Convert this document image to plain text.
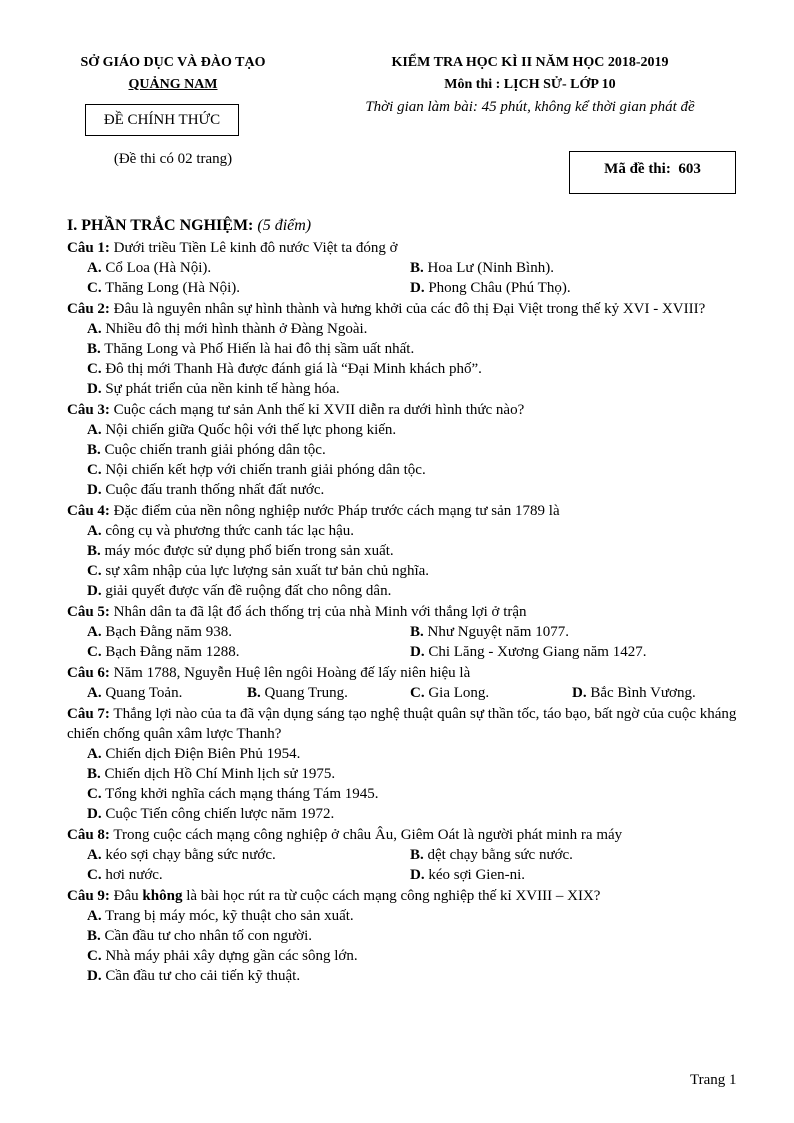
SỞ GIÁO DỤC VÀ ĐÀO TẠO
QUẢNG NAM
ĐỀ CHÍNH THỨC
(Đề thi có 02 trang)
KIỂM TRA HỌC KÌ II NĂM HỌC 2018-2019
Môn thi : LỊCH SỬ- LỚP 10
Thời gian làm bài: 45 phút, không kể thời gian phát đề
Mã đề thi: 603
I. PHẦN TRẮC NGHIỆM: (5 điểm)
Câu 1: Dưới triều Tiền Lê kinh đô nước Việt ta đóng ở
A. Cổ Loa (Hà Nội).	B. Hoa Lư (Ninh Bình).
C. Thăng Long (Hà Nội).	D. Phong Châu (Phú Thọ).
Câu 2: Đâu là nguyên nhân sự hình thành và hưng khởi của các đô thị Đại Việt trong thế kỷ XVI - XVIII?
A. Nhiều đô thị mới hình thành ở Đàng Ngoài.
B. Thăng Long và Phố Hiến là hai đô thị sầm uất nhất.
C. Đô thị mới Thanh Hà được đánh giá là “Đại Minh khách phố”.
D. Sự phát triển của nền kinh tế hàng hóa.
Câu 3: Cuộc cách mạng tư sản Anh thế kỉ XVII diễn ra dưới hình thức nào?
A. Nội chiến giữa Quốc hội với thế lực phong kiến.
B. Cuộc chiến tranh giải phóng dân tộc.
C. Nội chiến kết hợp với chiến tranh giải phóng dân tộc.
D. Cuộc đấu tranh thống nhất đất nước.
Câu 4: Đặc điểm của nền nông nghiệp nước Pháp trước cách mạng tư sản 1789 là
A. công cụ và phương thức canh tác lạc hậu.
B. máy móc được sử dụng phổ biến trong sản xuất.
C. sự xâm nhập của lực lượng sản xuất tư bản chủ nghĩa.
D. giải quyết được vấn đề ruộng đất cho nông dân.
Câu 5: Nhân dân ta đã lật đổ ách thống trị của nhà Minh với thắng lợi ở trận
A. Bạch Đằng năm 938.	B. Như Nguyệt năm 1077.
C. Bạch Đằng năm 1288.	D. Chi Lăng - Xương Giang năm 1427.
Câu 6: Năm 1788, Nguyễn Huệ lên ngôi Hoàng đế lấy niên hiệu là
A. Quang Toản.	B. Quang Trung.	C. Gia Long.	D. Bắc Bình Vương.
Câu 7: Thắng lợi nào của ta đã vận dụng sáng tạo nghệ thuật quân sự thần tốc, táo bạo, bất ngờ của cuộc kháng chiến chống quân xâm lược Thanh?
A. Chiến dịch Điện Biên Phủ 1954.
B. Chiến dịch Hồ Chí Minh lịch sử 1975.
C. Tổng khởi nghĩa cách mạng tháng Tám 1945.
D. Cuộc Tiến công chiến lược năm 1972.
Câu 8: Trong cuộc cách mạng công nghiệp ở châu Âu, Giêm Oát là người phát minh ra máy
A. kéo sợi chạy bằng sức nước.	B. dệt chạy bằng sức nước.
C. hơi nước.	D. kéo sợi Gien-ni.
Câu 9: Đâu không là bài học rút ra từ cuộc cách mạng công nghiệp thế kỉ XVIII – XIX?
A. Trang bị máy móc, kỹ thuật cho sản xuất.
B. Cần đầu tư cho nhân tố con người.
C. Nhà máy phải xây dựng gần các sông lớn.
D. Cần đầu tư cho cải tiến kỹ thuật.
Trang 1
